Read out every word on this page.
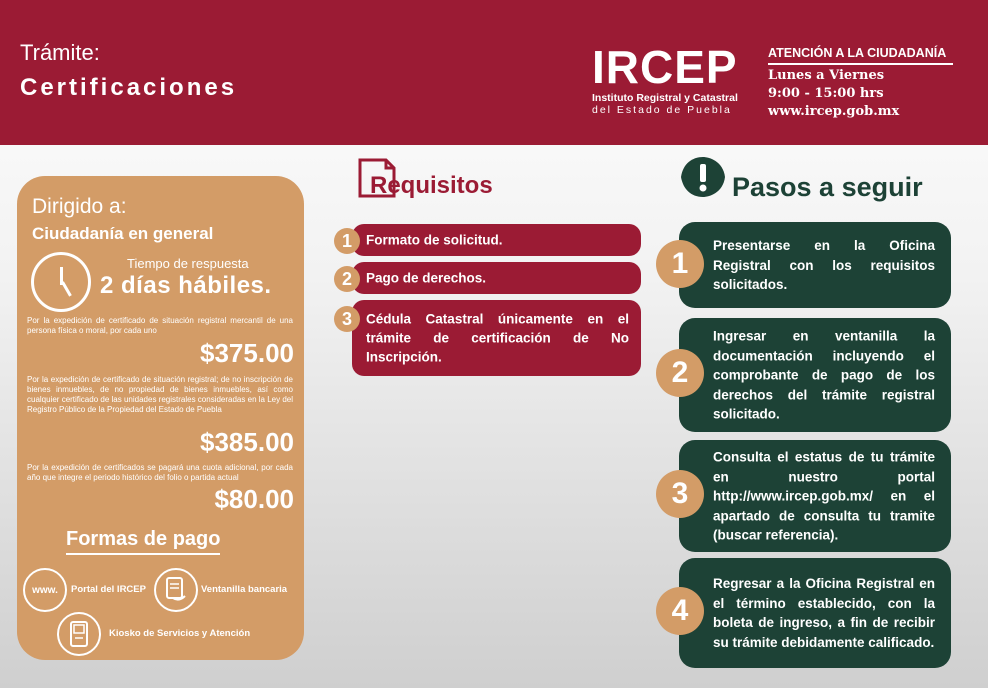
Trámite:
Certificaciones	IRCEP
Instituto Registral y Catastral
del Estado de Puebla
ATENCIÓN A LA CIUDADANÍA
Lunes a Viernes
9:00 - 15:00 hrs
www.ircep.gob.mx
Dirigido a:
Ciudadanía en general
Tiempo de respuesta
2 días hábiles.
Por la expedición de certificado de situación registral mercantil de una persona física o moral, por cada uno
$375.00
Por la expedición de certificado de situación registral; de no inscripción de bienes inmuebles, de no propiedad de bienes inmuebles, así como cualquier certificado de las unidades registrales consideradas en la Ley del Registro Público de la Propiedad del Estado de Puebla
$385.00
Por la expedición de certificados se pagará una cuota adicional, por cada año que integre el periodo histórico del folio o partida actual
$80.00
Formas de pago
www.	Portal del IRCEP	Ventanilla bancaria
Kiosko de Servicios y Atención
Requisitos
Formato de solicitud.
1
Pago de derechos.
2
Cédula Catastral únicamente en el trámite de certificación de No Inscripción.
3
Pasos a seguir
Presentarse en la Oficina Registral con los requisitos solicitados.
1
Ingresar en ventanilla la documentación incluyendo el comprobante de pago de los derechos del trámite registral solicitado.
2
Consulta el estatus de tu trámite en nuestro portal http://www.ircep.gob.mx/ en el apartado de consulta tu tramite (buscar referencia).
3
Regresar a la Oficina Registral en el término establecido, con la boleta de ingreso, a fin de recibir su trámite debidamente calificado.
4
